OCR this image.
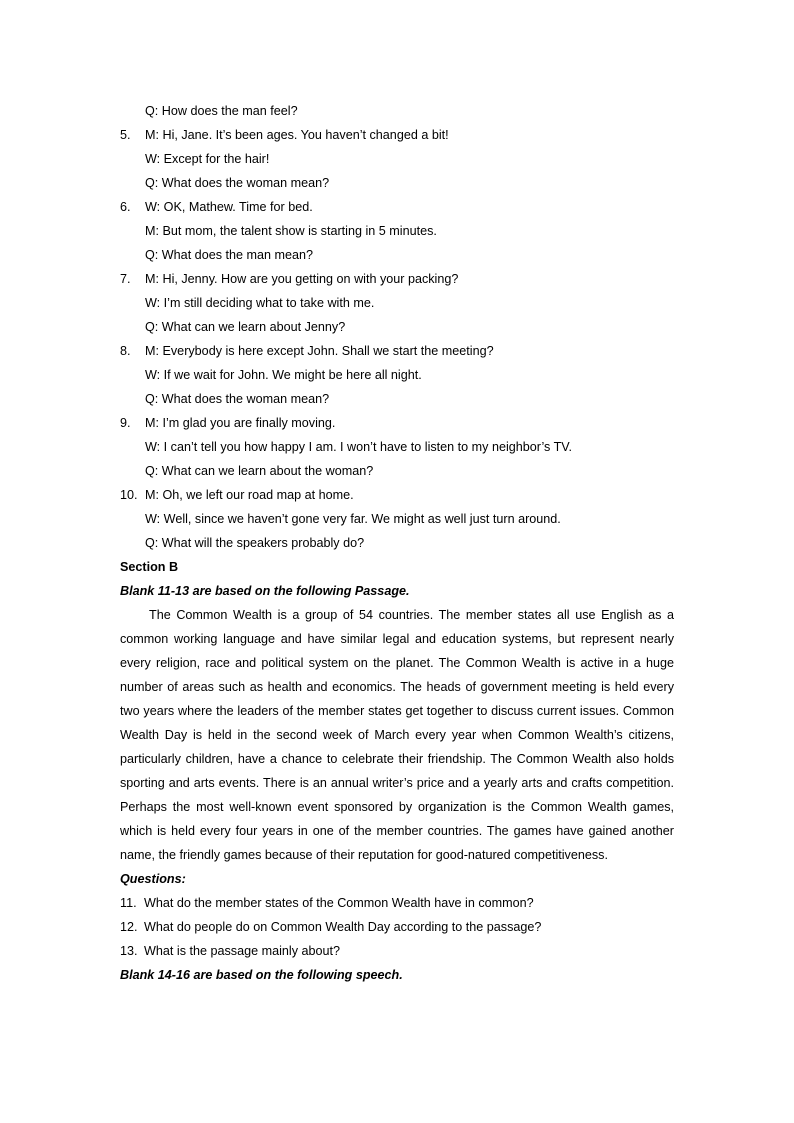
Q: How does the man feel?
5.	M: Hi, Jane. It’s been ages. You haven’t changed a bit!
W: Except for the hair!
Q: What does the woman mean?
6.	W: OK, Mathew. Time for bed.
M: But mom, the talent show is starting in 5 minutes.
Q: What does the man mean?
7.	M: Hi, Jenny. How are you getting on with your packing?
W: I’m still deciding what to take with me.
Q: What can we learn about Jenny?
8.	M: Everybody is here except John. Shall we start the meeting?
W: If we wait for John. We might be here all night.
Q: What does the woman mean?
9.	M: I’m glad you are finally moving.
W: I can’t tell you how happy I am. I won’t have to listen to my neighbor’s TV.
Q: What can we learn about the woman?
10. M: Oh, we left our road map at home.
W: Well, since we haven’t gone very far. We might as well just turn around.
Q: What will the speakers probably do?
Section B
Blank 11-13 are based on the following Passage.

The Common Wealth is a group of 54 countries. The member states all use English as a common working language and have similar legal and education systems, but represent nearly every religion, race and political system on the planet. The Common Wealth is active in a huge number of areas such as health and economics. The heads of government meeting is held every two years where the leaders of the member states get together to discuss current issues. Common Wealth Day is held in the second week of March every year when Common Wealth’s citizens, particularly children, have a chance to celebrate their friendship. The Common Wealth also holds sporting and arts events. There is an annual writer’s price and a yearly arts and crafts competition. Perhaps the most well-known event sponsored by organization is the Common Wealth games, which is held every four years in one of the member countries. The games have gained another name, the friendly games because of their reputation for good-natured competitiveness.

Questions:
11. What do the member states of the Common Wealth have in common?
12. What do people do on Common Wealth Day according to the passage?
13. What is the passage mainly about?
Blank 14-16 are based on the following speech.
